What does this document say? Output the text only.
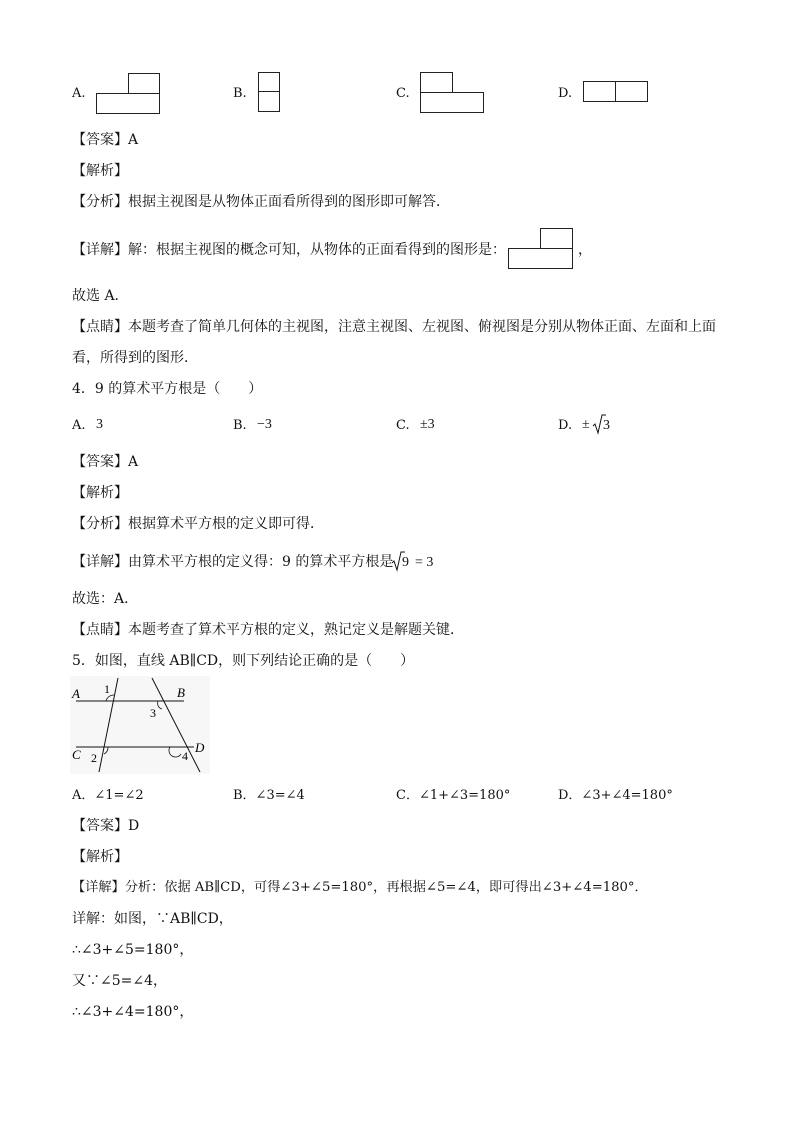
A.	B.	C.	D.
【答案】A
【解析】
【分析】根据主视图是从物体正面看所得到的图形即可解答．
【详解】解：根据主视图的概念可知，从物体的正面看得到的图形是：	，
故选 A．
【点睛】本题考查了简单几何体的主视图，注意主视图、左视图、俯视图是分别从物体正面、左面和上面
看，所得到的图形．
4．9 的算术平方根是（　　）
A. 3	B. −3	C. ±3	D. ± 3
【答案】A
【解析】
【分析】根据算术平方根的定义即可得．
【详解】由算术平方根的定义得：9 的算术平方根是 9 = 3
故选：A．
【点睛】本题考查了算术平方根的定义，熟记定义是解题关键．
5．如图，直线 AB∥CD，则下列结论正确的是（　　）
A	B
C	D
1
2
3
4
A．∠1=∠2	B．∠3=∠4	C．∠1+∠3=180°	D．∠3+∠4=180°
【答案】D
【解析】
【详解】分析：依据 AB∥CD，可得∠3+∠5=180°，再根据∠5=∠4，即可得出∠3+∠4=180°．
详解：如图，∵AB∥CD，
∴∠3+∠5=180°，
又∵∠5=∠4，
∴∠3+∠4=180°，
